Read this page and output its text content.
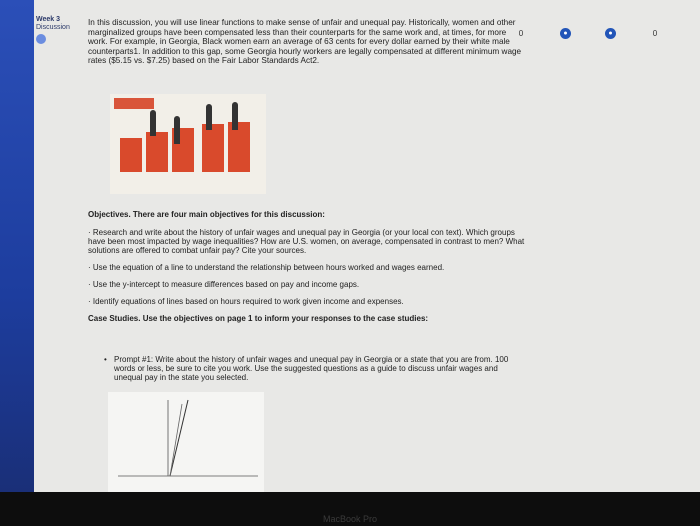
Week 3
Discussion
0	●	●	0
In this discussion, you will use linear functions to make sense of unfair and unequal pay. Historically, women and other marginalized groups have been compensated less than their counterparts for the same work and, at times, for more work. For example, in Georgia, Black women earn an average of 63 cents for every dollar earned by their white male counterparts1. In addition to this gap, some Georgia hourly workers are legally compensated at different minimum wage rates ($5.15 vs. $7.25) based on the Fair Labor Standards Act2.
Objectives. There are four main objectives for this discussion:
· Research and write about the history of unfair wages and unequal pay in Georgia (or your local con text). Which groups have been most impacted by wage inequalities? How are U.S. women, on average, compensated in contrast to men? What solutions are offered to combat unfair pay? Cite your sources.
· Use the equation of a line to understand the relationship between hours worked and wages earned.
· Use the y-intercept to measure differences based on pay and income gaps.
· Identify equations of lines based on hours required to work given income and expenses.
Case Studies. Use the objectives on page 1 to inform your responses to the case studies:
• Prompt #1: Write about the history of unfair wages and unequal pay in Georgia or a state that you are from. 100 words or less, be sure to cite you work. Use the suggested questions as a guide to discuss unfair wages and unequal pay in the state you selected.
MacBook Pro
